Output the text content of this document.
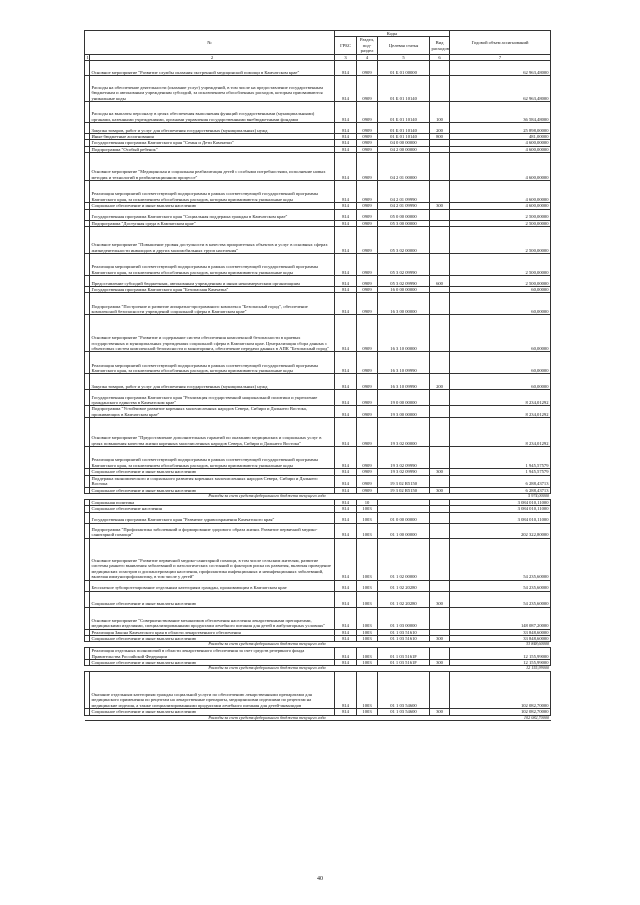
№		Коды				Годовой объем ассигнований
		ГРБС	Раздел, под- раздел	Целевая статья	Вид расходов	
1	2	3	4	5	6	7
	Основное мероприятие "Развитие службы оказания экстренной медицинской помощи в Камчатском крае"	814	0909	01 Б 01 00000		62 963,48000
	Расходы на обеспечение деятельности (оказание услуг) учреждений, в том числе на предоставление государственным бюджетным и автономным учреждениям субсидий, за исключением обособленных расходов, которым присваиваются уникальные коды	814	0909	01 Б 01 10140		62 963,48000
	Расходы на выплаты персоналу в целях обеспечения выполнения функций государственными (муниципальными) органами, казенными учреждениями, органами управления государственными внебюджетными фондами	814	0909	01 Б 01 10140	100	36 584,48000
	Закупка товаров, работ и услуг для обеспечения государственных (муниципальных) нужд	814	0909	01 Б 01 10140	200	25 898,00000
	Иные бюджетные ассигнования	814	0909	01 Б 01 10140	800	481,00000
	Государственная программа Камчатского края "Семья и Дети Камчатки"	814	0909	04 0 00 00000		4 600,00000
	Подпрограмма "Особый ребенок"	814	0909	04 2 00 00000		4 600,00000
	Основное мероприятие "Медицинская и социальная реабилитация детей с особыми потребностями, исполнение новых методик и технологий в реабилитационном процессе"	814	0909	04 2 01 00000		4 600,00000
	Реализация мероприятий соответствующей подпрограммы в рамках соответствующей государственной программы Камчатского края, за исключением обособленных расходов, которым присваиваются уникальные коды	814	0909	04 2 01 09990		4 600,00000
	Социальное обеспечение и иные выплаты населению	814	0909	04 2 01 09990	300	4 600,00000
	Государственная программа Камчатского края "Социальная поддержка граждан в Камчатском крае"	814	0909	05 0 00 00000		2 500,00000
	Подпрограмма "Доступная среда в Камчатском крае"	814	0909	05 3 00 00000		2 500,00000
	Основное мероприятие "Повышение уровня доступности в качества приоритетных объектов и услуг в основных сферах жизнедеятельности инвалидов и других маломобильных групп населения"	814	0909	05 3 02 00000		2 500,00000
	Реализация мероприятий соответствующей подпрограммы в рамках соответствующей государственной программы Камчатского края, за исключением обособленных расходов, которым присваиваются уникальные коды	814	0909	05 3 02 09990		2 500,00000
	Предоставление субсидий бюджетным, автономным учреждениям и иным некоммерческим организациям	814	0909	05 3 02 09990	600	2 500,00000
	Государственная программа Камчатского края "Безопасная Камчатка"	814	0909	16 0 00 00000		60,00000
	Подпрограмма "Построение и развитие аппаратно-программного комплекса "Безопасный город", обеспечение комплексной безопасности учреждений социальной сферы в Камчатском крае"	814	0909	16 3 00 00000		60,00000
	Основное мероприятие "Развитие и содержание систем обеспечения комплексной безопасности в краевых государственных и муниципальных учреждениях социальной сферы в Камчатском крае. Централизация сбора данных с объектовых систем комплексной безопасности и мониторинга, обеспечение передачи данных в АПК "Безопасный город"	814	0909	16 3 10 00000		60,00000
	Реализация мероприятий соответствующей подпрограммы в рамках соответствующей государственной программы Камчатского края, за исключением обособленных расходов, которым присваиваются уникальные коды	814	0909	16 3 10 09990		60,00000
	Закупка товаров, работ и услуг для обеспечения государственных (муниципальных) нужд	814	0909	16 3 10 09990	200	60,00000
	Государственная программа Камчатского края "Реализация государственной национальной политики и укрепление гражданского единства в Камчатском крае"	814	0909	19 0 00 00000		8 234,01292
	Подпрограмма "Устойчивое развитие коренных малочисленных народов Севера, Сибири и Дальнего Востока, проживающих в Камчатском крае"	814	0909	19 3 00 00000		8 234,01292
	Основное мероприятие "Предоставление дополнительных гарантий по оказанию медицинских и социальных услуг в целях повышения качества жизни коренных малочисленных народов Севера, Сибири и Дальнего Востока"	814	0909	19 3 02 00000		8 234,01292
	Реализация мероприятий соответствующей подпрограммы в рамках соответствующей государственной программы Камчатского края, за исключением обособленных расходов, которым присваиваются уникальные коды	814	0909	19 3 02 09990		1 945,57579
	Социальное обеспечение и иные выплаты населению	814	0909	19 3 02 09990	300	1 945,57579
	Поддержка экономического и социального развития коренных малочисленных народов Севера, Сибири и Дальнего Востока	814	0909	19 3 02 R5150		6 288,43713
	Социальное обеспечение и иные выплаты населению	814	0909	19 3 02 R5150	300	6 288,43713
Расходы за счет средств федерального бюджета текущего года						5 974,00000
	Социальная политика	814	10			3 084 010,11000
	Социальное обеспечение населения	814	1003			3 084 010,11000
	Государственная программа Камчатского края "Развитие здравоохранения Камчатского края"	814	1003	01 0 00 00000		3 084 010,11000
	Подпрограмма "Профилактика заболеваний и формирование здорового образа жизни. Развитие первичной медико-санитарной помощи"	814	1003	01 1 00 00000		202 322,80000
	Основное мероприятие "Развитие первичной медико-санитарной помощи, в том числе сельским жителям, развитие системы раннего выявления заболеваний и патологических состояний и факторов риска их развития, включая проведение медицинских осмотров и диспансеризации населения, профилактика инфекционных и неинфекционных заболеваний, включая иммунопрофилактику, в том числе у детей"	814	1003	01 1 02 00000		54 235,60000
	Бесплатное зубопротезирование отдельным категориям граждан, проживающим в Камчатском крае	814	1003	01 1 02 20280		54 235,60000
	Социальное обеспечение и иные выплаты населению	814	1003	01 1 02 20280	300	54 235,60000
	Основное мероприятие "Совершенствование механизмов обеспечения населения лекарственными препаратами, медицинскими изделиями, специализированными продуктами лечебного питания для детей в амбулаторных условиях"	814	1003	01 1 03 00000		148 087,20000
	Реализация Закона Камчатского края в области лекарственного обеспечения	814	1003	01 1 03 51610		33 848,60000
	Социальное обеспечение и иные выплаты населению	814	1003	01 1 03 51610	300	33 848,60000
Расходы за счет средств федерального бюджета текущего года						33 848,60000
	Реализация отдельных полномочий в области лекарственного обеспечения за счет средств резервного фонда Правительства Российской Федерации	814	1003	01 1 03 5161F		12 155,99000
	Социальное обеспечение и иные выплаты населению	814	1003	01 1 03 5161F	300	12 155,99000
Расходы за счет средств федерального бюджета текущего года						12 155,99000
	Оказание отдельным категориям граждан социальной услуги по обеспечению лекарственными препаратами для медицинского применения по рецептам на лекарственные препараты, медицинскими изделиями по рецептам на медицинские изделия, а также специализированными продуктами лечебного питания для детей-инвалидов	814	1003	01 1 03 54600		102 082,70000
	Социальное обеспечение и иные выплаты населению	814	1003	01 1 03 54600	300	102 082,70000
Расходы за счет средств федерального бюджета текущего года						102 082,70000
40
